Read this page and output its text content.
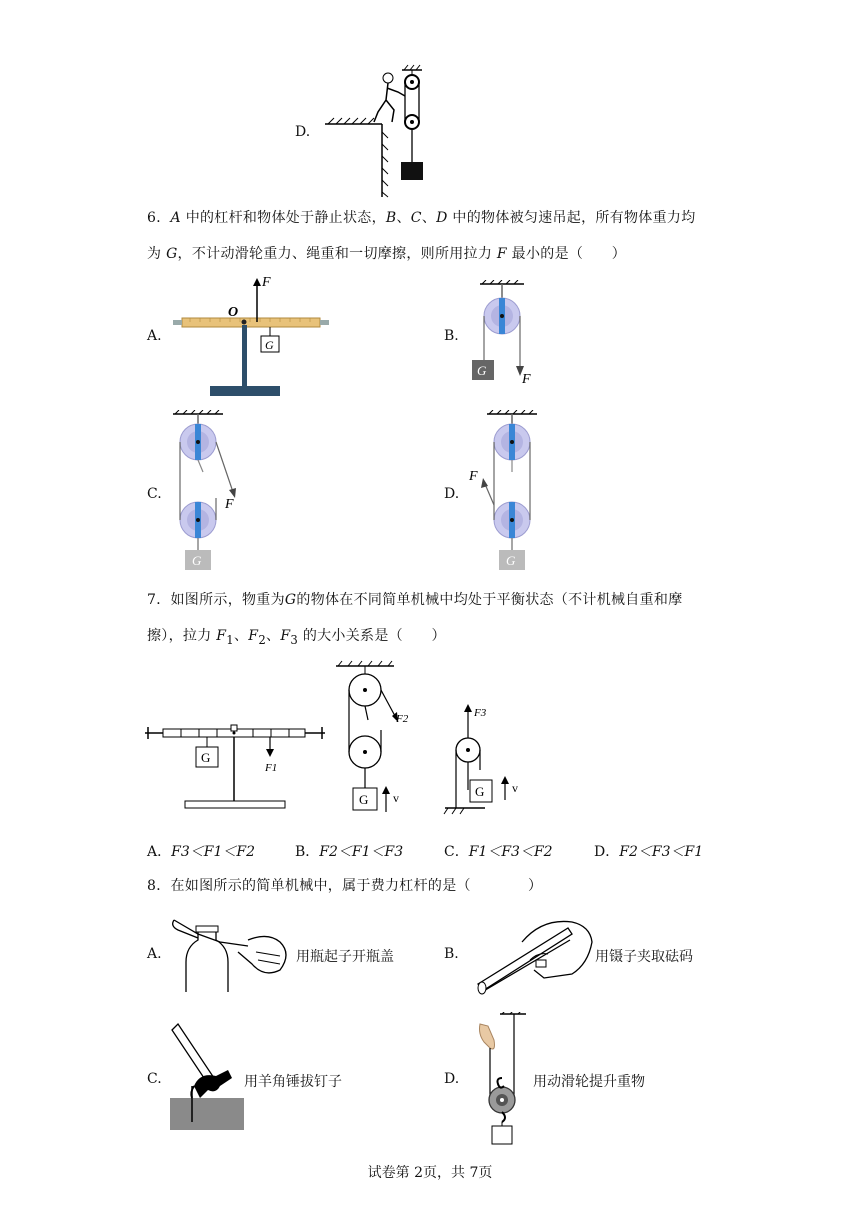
D.
6．A 中的杠杆和物体处于静止状态，B、C、D 中的物体被匀速吊起，所有物体重力均
为 G，不计动滑轮重力、绳重和一切摩擦，则所用拉力 F 最小的是（　　）
A.
O
F
G
B.
G
F
C.
F
G
D.
F
G
7．如图所示，物重为G的物体在不同简单机械中均处于平衡状态（不计机械自重和摩
擦），拉力 $F_1$、$F_2$、$F_3$ 的大小关系是（　　）
G
F1
F2
G v
F3
G v
A．F3＜F1＜F2	B．F2＜F1＜F3	C．F1＜F3＜F2	D．F2＜F3＜F1
8．在如图所示的简单机械中，属于费力杠杆的是（　　　　）
A.	用瓶起子开瓶盖	B.	用镊子夹取砝码
C.	用羊角锤拔钉子	D.	用动滑轮提升重物
试卷第 2页，共 7页
